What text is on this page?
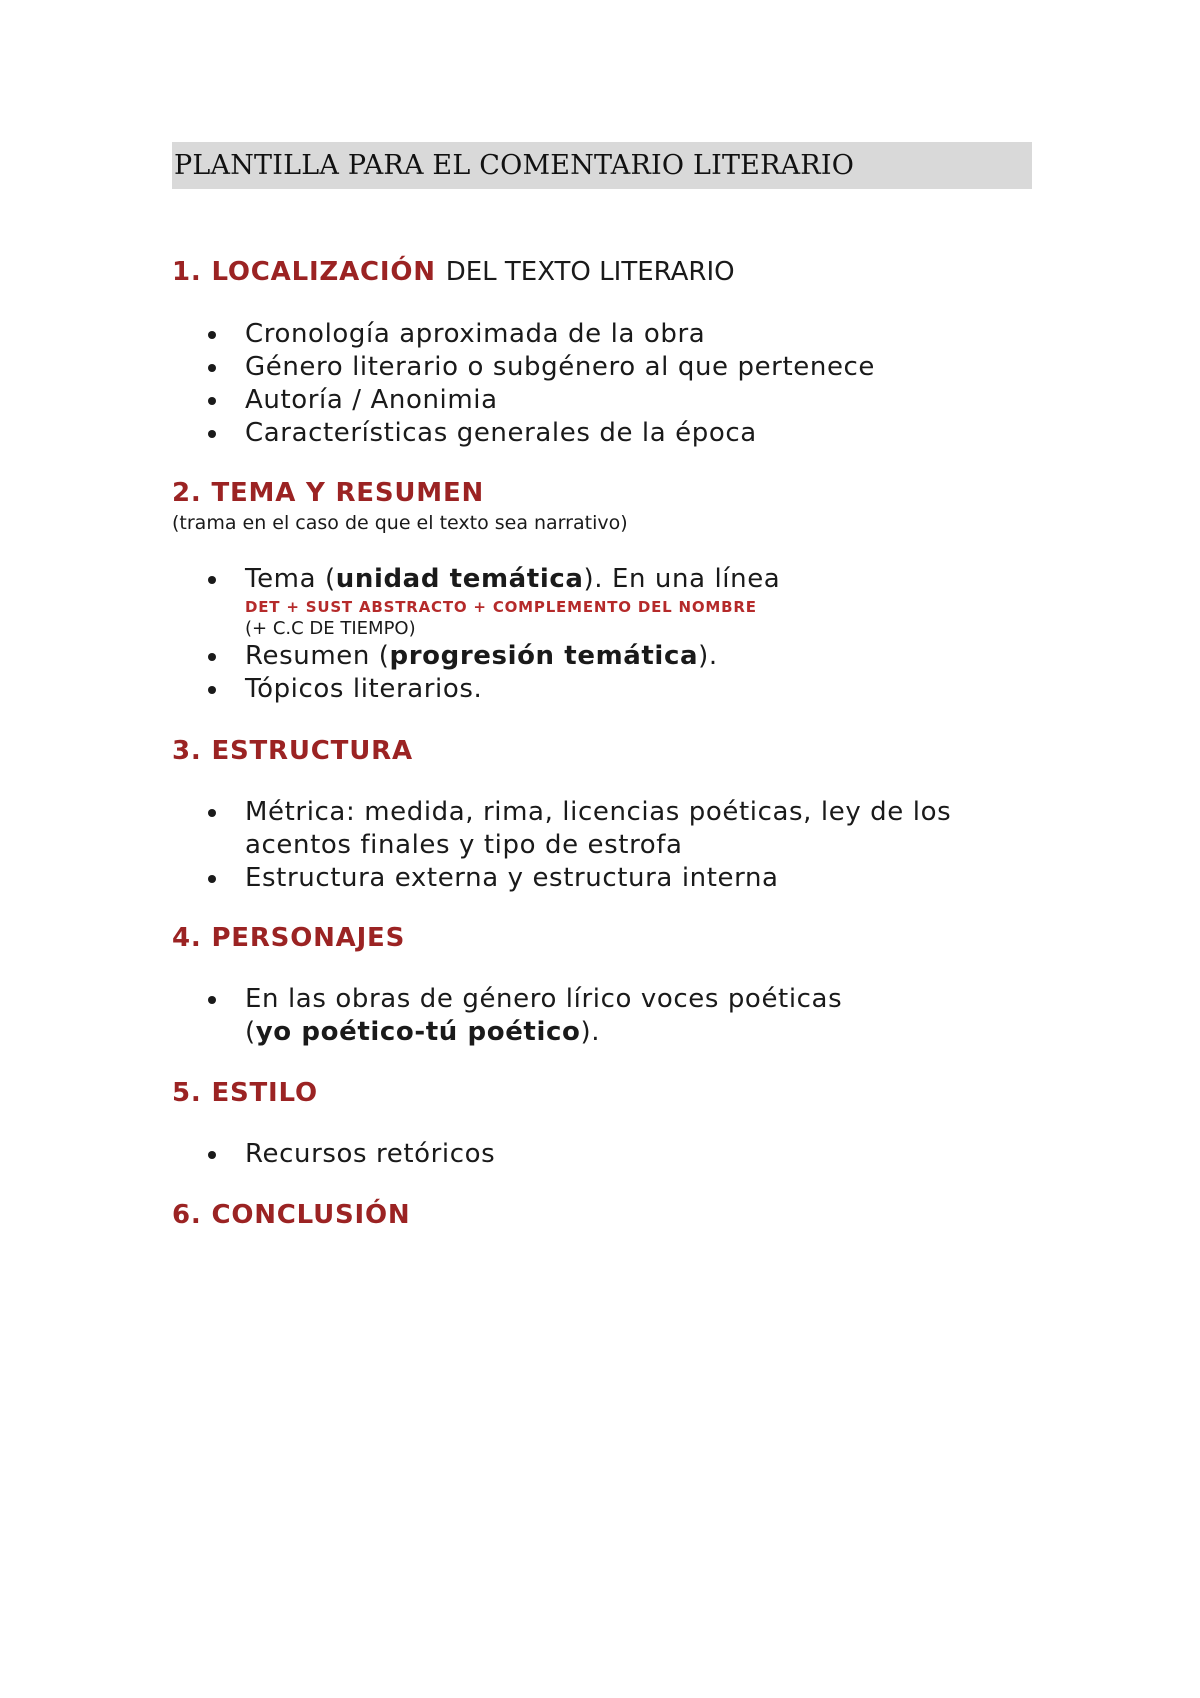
PLANTILLA PARA EL COMENTARIO LITERARIO
1. LOCALIZACIÓN DEL TEXTO LITERARIO
Cronología aproximada de la obra
Género literario o subgénero al que pertenece
Autoría / Anonimia
Características generales de la época
2. TEMA Y RESUMEN
(trama en el caso de que el texto sea narrativo)
Tema (unidad temática). En una línea
DET + SUST ABSTRACTO + COMPLEMENTO DEL NOMBRE
(+ C.C DE TIEMPO)
Resumen (progresión temática).
Tópicos literarios.
3. ESTRUCTURA
Métrica: medida, rima, licencias poéticas, ley de los acentos finales y tipo de estrofa
Estructura externa y estructura interna
4. PERSONAJES
En las obras de género lírico voces poéticas
(yo poético-tú poético).
5. ESTILO
Recursos retóricos
6. CONCLUSIÓN
